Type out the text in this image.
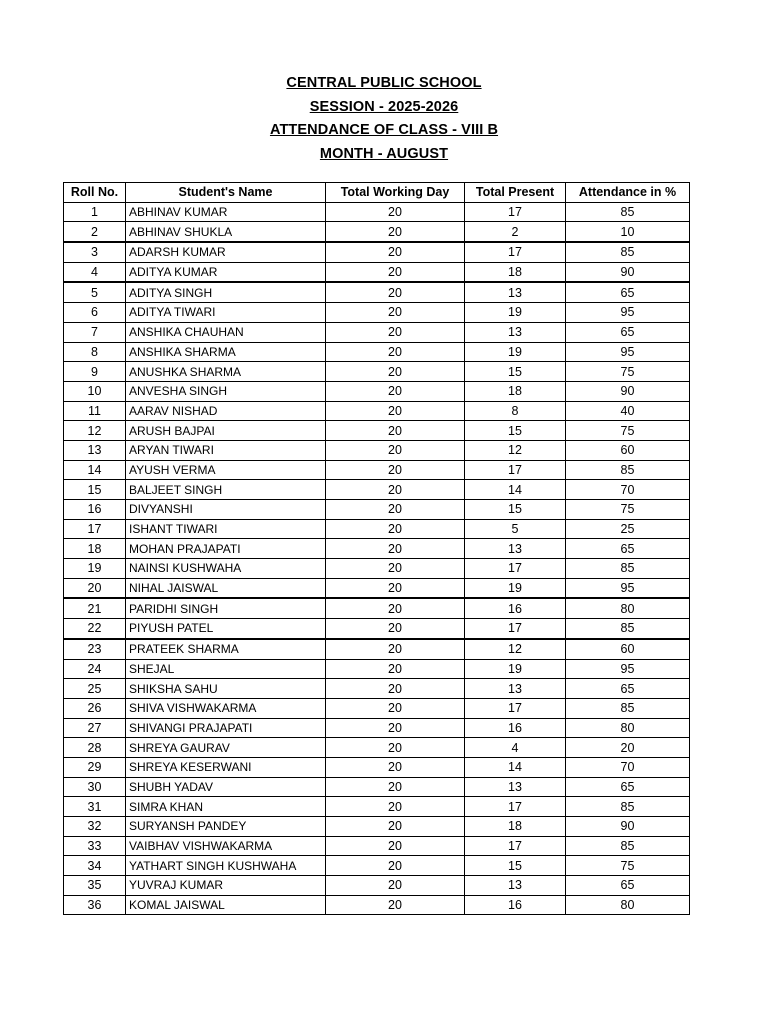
CENTRAL PUBLIC SCHOOL
SESSION - 2025-2026
ATTENDANCE OF CLASS - VIII B
MONTH - AUGUST
Roll No.	Student's Name	Total Working Day	Total Present	Attendance in %
1	ABHINAV KUMAR	20	17	85
2	ABHINAV SHUKLA	20	2	10
3	ADARSH KUMAR	20	17	85
4	ADITYA KUMAR	20	18	90
5	ADITYA SINGH	20	13	65
6	ADITYA TIWARI	20	19	95
7	ANSHIKA CHAUHAN	20	13	65
8	ANSHIKA SHARMA	20	19	95
9	ANUSHKA SHARMA	20	15	75
10	ANVESHA SINGH	20	18	90
11	AARAV NISHAD	20	8	40
12	ARUSH BAJPAI	20	15	75
13	ARYAN TIWARI	20	12	60
14	AYUSH VERMA	20	17	85
15	BALJEET SINGH	20	14	70
16	DIVYANSHI	20	15	75
17	ISHANT TIWARI	20	5	25
18	MOHAN PRAJAPATI	20	13	65
19	NAINSI KUSHWAHA	20	17	85
20	NIHAL JAISWAL	20	19	95
21	PARIDHI SINGH	20	16	80
22	PIYUSH PATEL	20	17	85
23	PRATEEK SHARMA	20	12	60
24	SHEJAL	20	19	95
25	SHIKSHA SAHU	20	13	65
26	SHIVA VISHWAKARMA	20	17	85
27	SHIVANGI PRAJAPATI	20	16	80
28	SHREYA GAURAV	20	4	20
29	SHREYA KESERWANI	20	14	70
30	SHUBH YADAV	20	13	65
31	SIMRA KHAN	20	17	85
32	SURYANSH PANDEY	20	18	90
33	VAIBHAV VISHWAKARMA	20	17	85
34	YATHART SINGH KUSHWAHA	20	15	75
35	YUVRAJ KUMAR	20	13	65
36	KOMAL JAISWAL	20	16	80
